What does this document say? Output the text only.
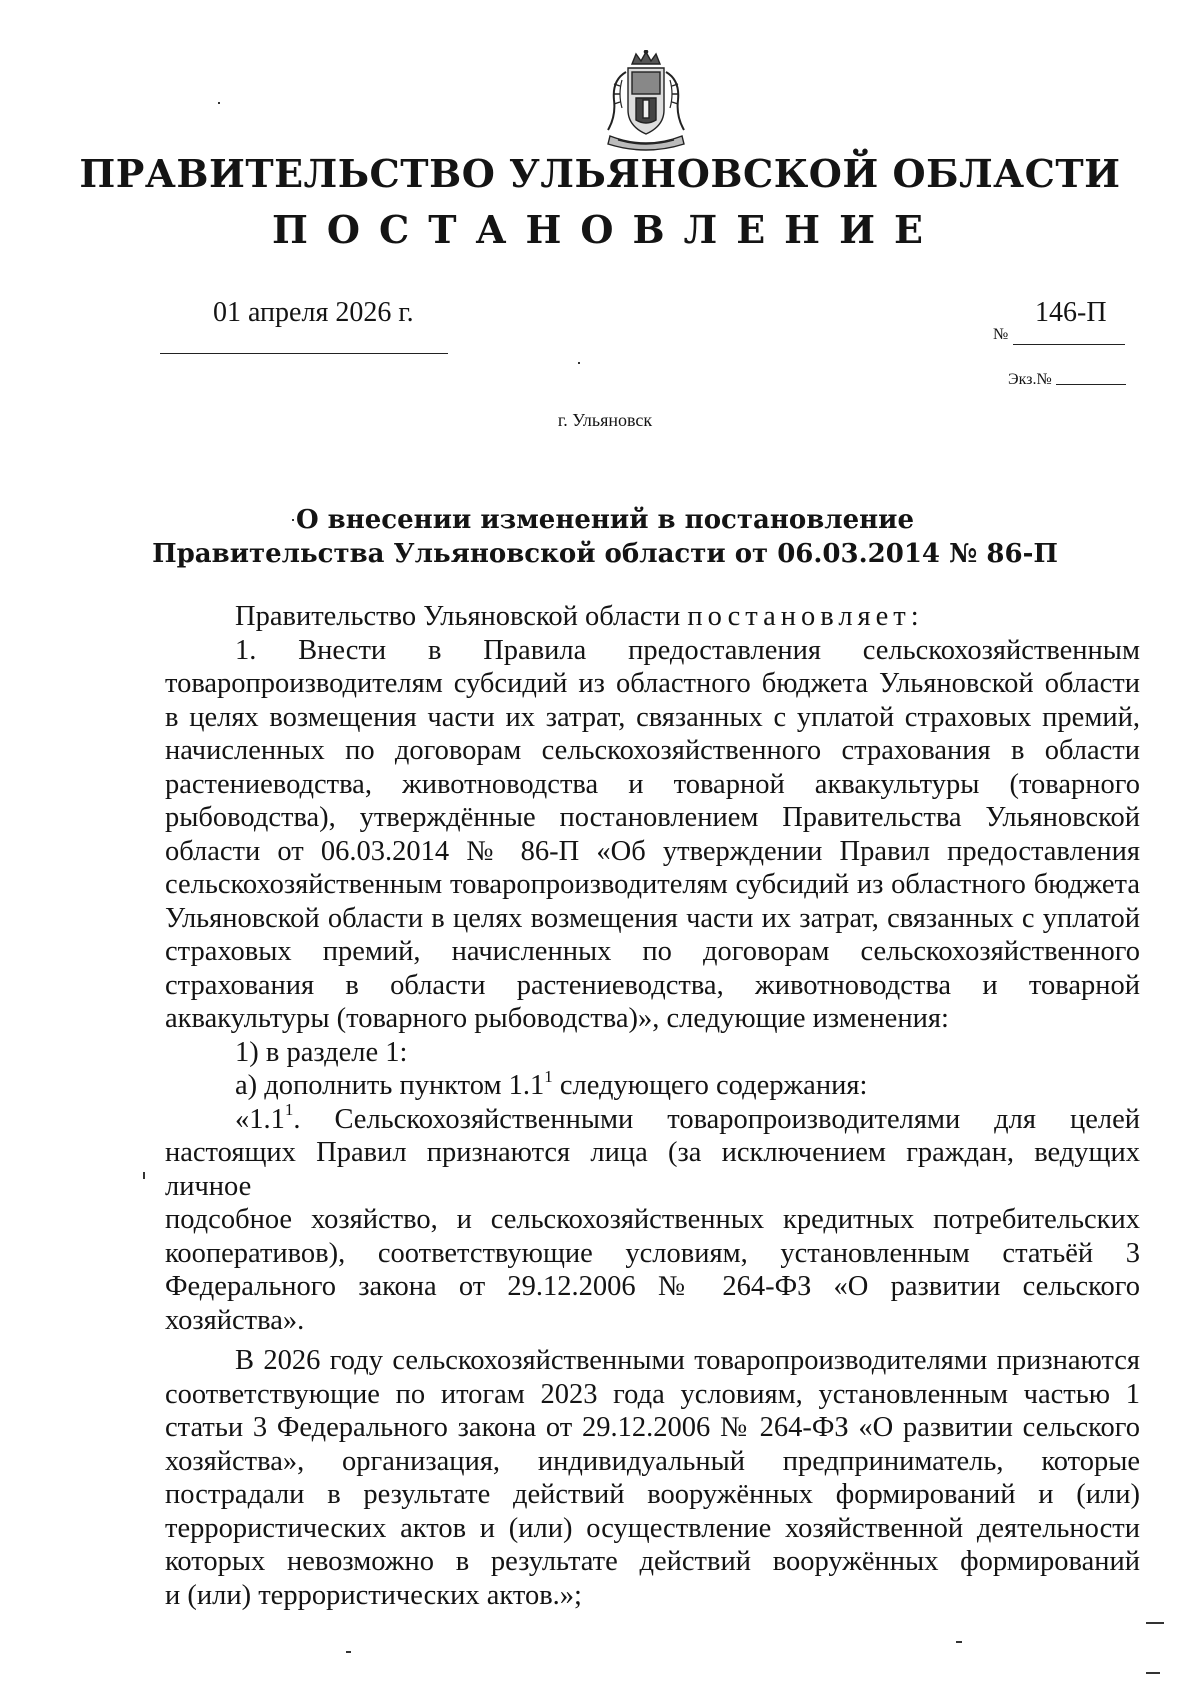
ПРАВИТЕЛЬСТВО УЛЬЯНОВСКОЙ ОБЛАСТИ
ПОСТАНОВЛЕНИЕ
01 апреля 2026 г.	146-П
№
Экз.№
г. Ульяновск
О внесении изменений в постановление
Правительства Ульяновской области от 06.03.2014 № 86-П
Правительство Ульяновской области постановляет:
1. Внести в Правила предоставления сельскохозяйственным
товаропроизводителям субсидий из областного бюджета Ульяновской области
в целях возмещения части их затрат, связанных с уплатой страховых премий,
начисленных по договорам сельскохозяйственного страхования в области
растениеводства, животноводства и товарной аквакультуры (товарного
рыбоводства), утверждённые постановлением Правительства Ульяновской
области от 06.03.2014 № 86-П «Об утверждении Правил предоставления
сельскохозяйственным товаропроизводителям субсидий из областного бюджета
Ульяновской области в целях возмещения части их затрат, связанных с уплатой
страховых премий, начисленных по договорам сельскохозяйственного
страхования в области растениеводства, животноводства и товарной
аквакультуры (товарного рыбоводства)», следующие изменения:
1) в разделе 1:
а) дополнить пунктом $1.1^1$ следующего содержания:
«$1.1^1$. Сельскохозяйственными товаропроизводителями для целей
настоящих Правил признаются лица (за исключением граждан, ведущих личное
подсобное хозяйство, и сельскохозяйственных кредитных потребительских
кооперативов), соответствующие условиям, установленным статьёй 3
Федерального закона от 29.12.2006 № 264-ФЗ «О развитии сельского
хозяйства».
В 2026 году сельскохозяйственными товаропроизводителями признаются
соответствующие по итогам 2023 года условиям, установленным частью 1
статьи 3 Федерального закона от 29.12.2006 № 264-ФЗ «О развитии сельского
хозяйства», организация, индивидуальный предприниматель, которые
пострадали в результате действий вооружённых формирований и (или)
террористических актов и (или) осуществление хозяйственной деятельности
которых невозможно в результате действий вооружённых формирований
и (или) террористических актов.»;
